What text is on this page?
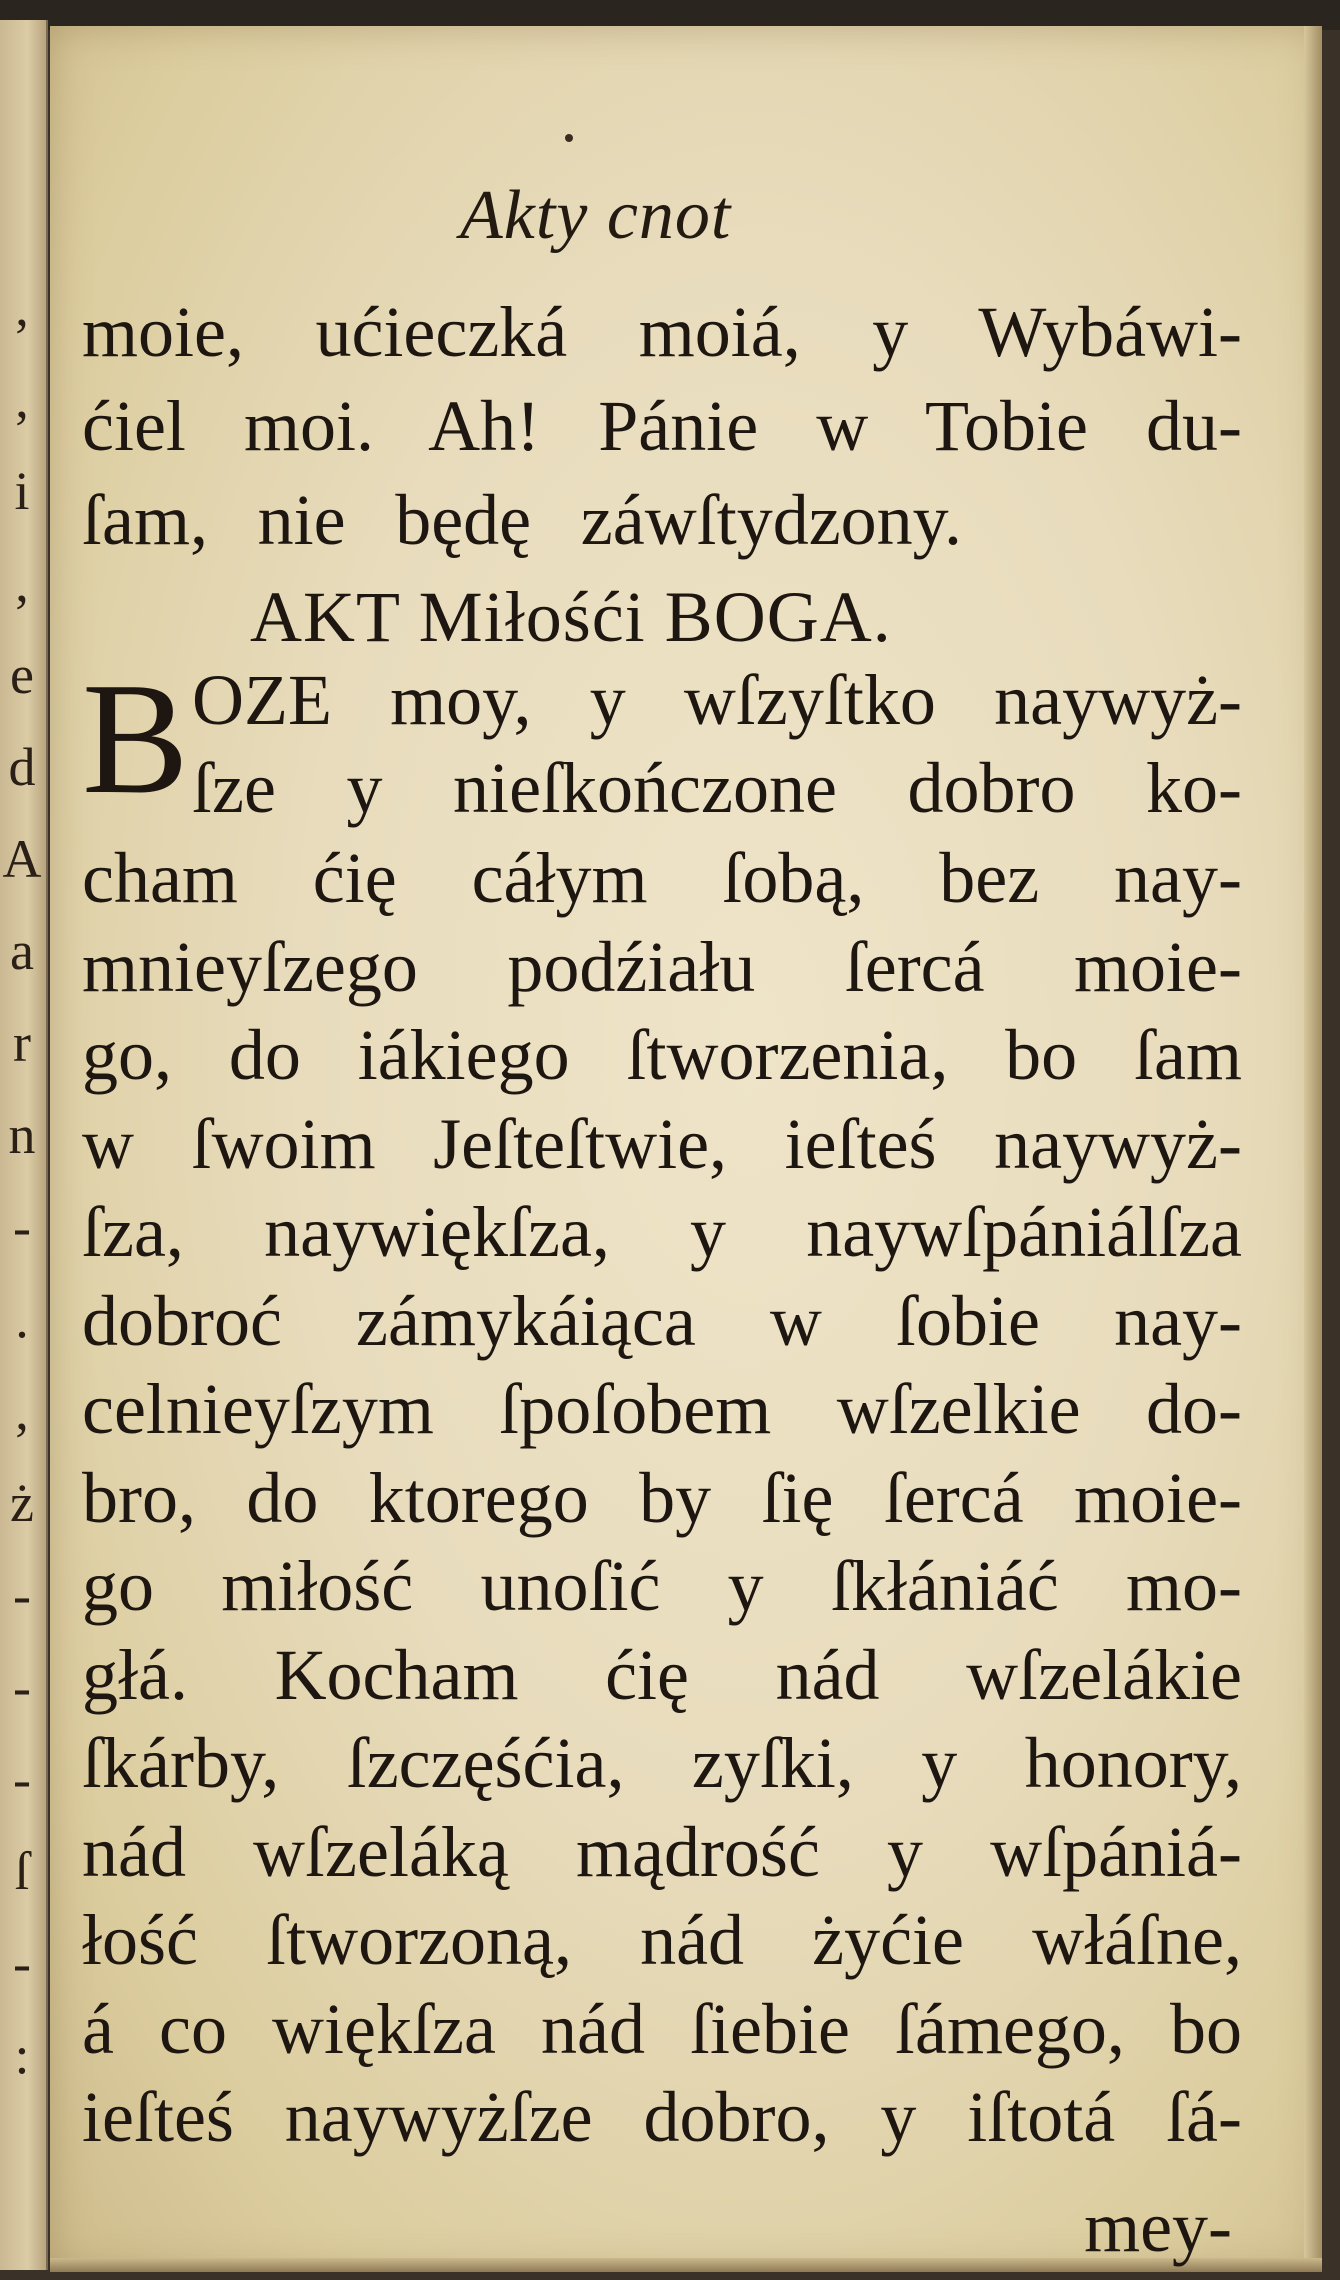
,
,
i
,
e
d
A
a
r
n
-
.
,
ż
-
-
-
ſ
-
:
Akty cnot
moie, ućieczká moiá, y Wybáwi-
ćiel moi. Ah! Pánie w Tobie du-
ſam, nie będę záwſtydzony.
AKT Miłośći BOGA.
B OZE moy, y wſzyſtko naywyż-
ſze y nieſkończone dobro ko-
cham ćię cáłym ſobą, bez nay-
mnieyſzego podźiału ſercá moie-
go, do iákiego ſtworzenia, bo ſam
w ſwoim Jeſteſtwie, ieſteś naywyż-
ſza, naywiękſza, y naywſpániálſza
dobroć zámykáiąca w ſobie nay-
celnieyſzym ſpoſobem wſzelkie do-
bro, do ktorego by ſię ſercá moie-
go miłość unoſić y ſkłániáć mo-
głá. Kocham ćię nád wſzelákie
ſkárby, ſzczęśćia, zyſki, y honory,
nád wſzeláką mądrość y wſpániá-
łość ſtworzoną, nád żyćie włáſne,
á co więkſza nád ſiebie ſámego, bo
ieſteś naywyżſze dobro, y iſtotá ſá-
mey-
